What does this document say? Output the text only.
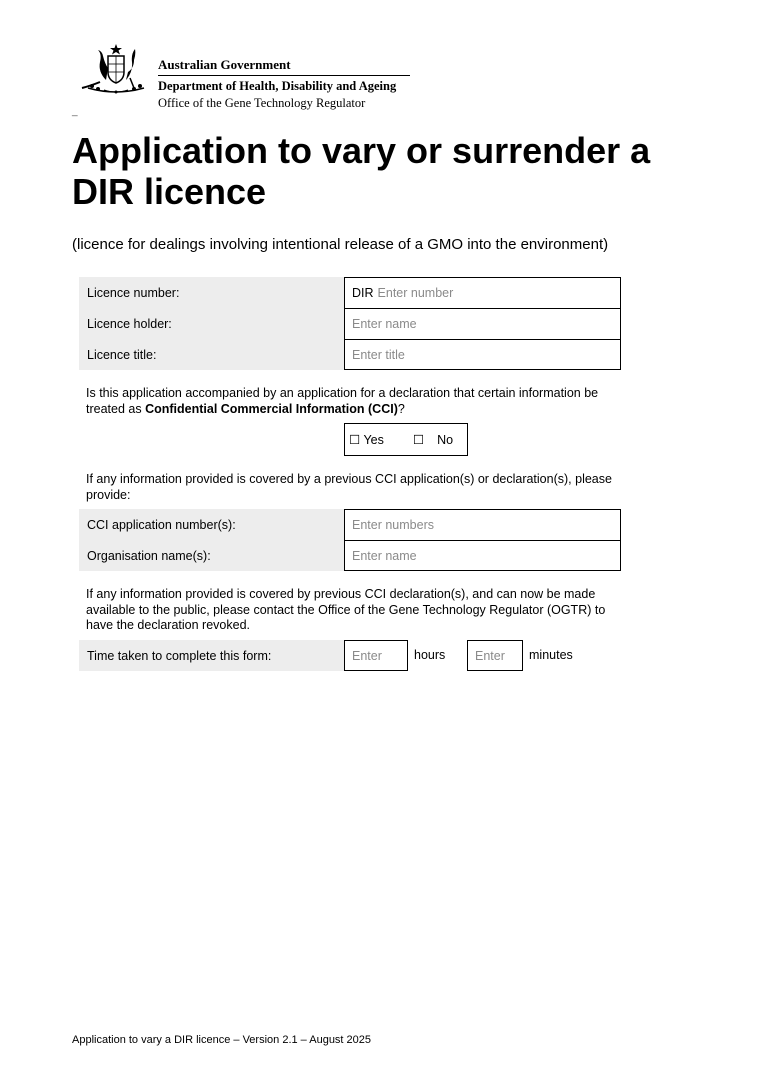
Australian Government
Department of Health, Disability and Ageing
Office of the Gene Technology Regulator
_
Application to vary or surrender a DIR licence
(licence for dealings involving intentional release of a GMO into the environment)
Licence number:	DIR Enter number
Licence holder:	Enter name
Licence title:	Enter title
Is this application accompanied by an application for a declaration that certain information be treated as Confidential Commercial Information (CCI)?
☐ Yes ☐ No
If any information provided is covered by a previous CCI application(s) or declaration(s), please provide:
CCI application number(s):	Enter numbers
Organisation name(s):	Enter name
If any information provided is covered by previous CCI declaration(s), and can now be made available to the public, please contact the Office of the Gene Technology Regulator (OGTR) to have the declaration revoked.
Time taken to complete this form:	Enter	hours Enter minutes
Application to vary a DIR licence – Version 2.1 – August 2025
